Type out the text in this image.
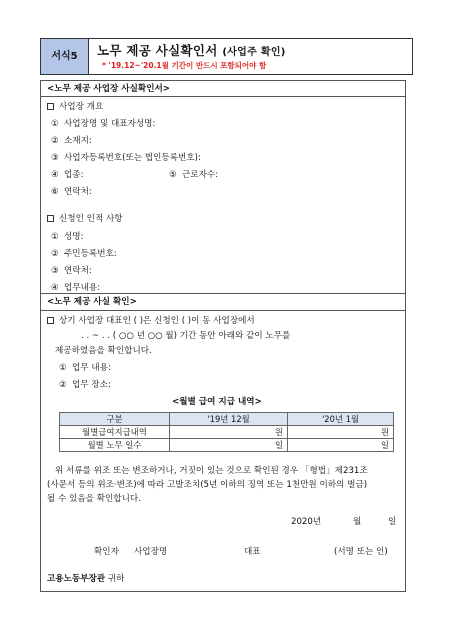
서식5	노무 제공 사실확인서 (사업주 확인)
* '19.12~'20.1월 기간이 반드시 포함되어야 함
<노무 제공 사업장 사실확인서>
사업장 개요
① 사업장명 및 대표자성명:
② 소재지:
③ 사업자등록번호(또는 법인등록번호):
④ 업종:	⑤ 근로자수:
⑥ 연락처:
신청인 인적 사항
① 성명:
② 주민등록번호:
③ 연락처:
④ 업무내용:
<노무 제공 사실 확인>
상기 사업장 대표인 ( )은 신청인 ( )이 동 사업장에서
. . ~ . . ( ○○ 년 ○○ 월) 기간 동안 아래와 같이 노무를
제공하였음을 확인합니다.
① 업무 내용:
② 업무 장소:
<월별 급여 지급 내역>
구분	'19년 12월	'20년 1월
월별급여지급내역	원	원
월별 노무 일수	일	일
위 서류를 위조 또는 변조하거나, 거짓이 있는 것으로 확인된 경우 「형법」제231조
(사문서 등의 위조·변조)에 따라 고발조치(5년 이하의 징역 또는 1천만원 이하의 벌금)
될 수 있음을 확인합니다.
2020년	월	일
확인자 사업장명	대표	(서명 또는 인)
고용노동부장관 귀하
